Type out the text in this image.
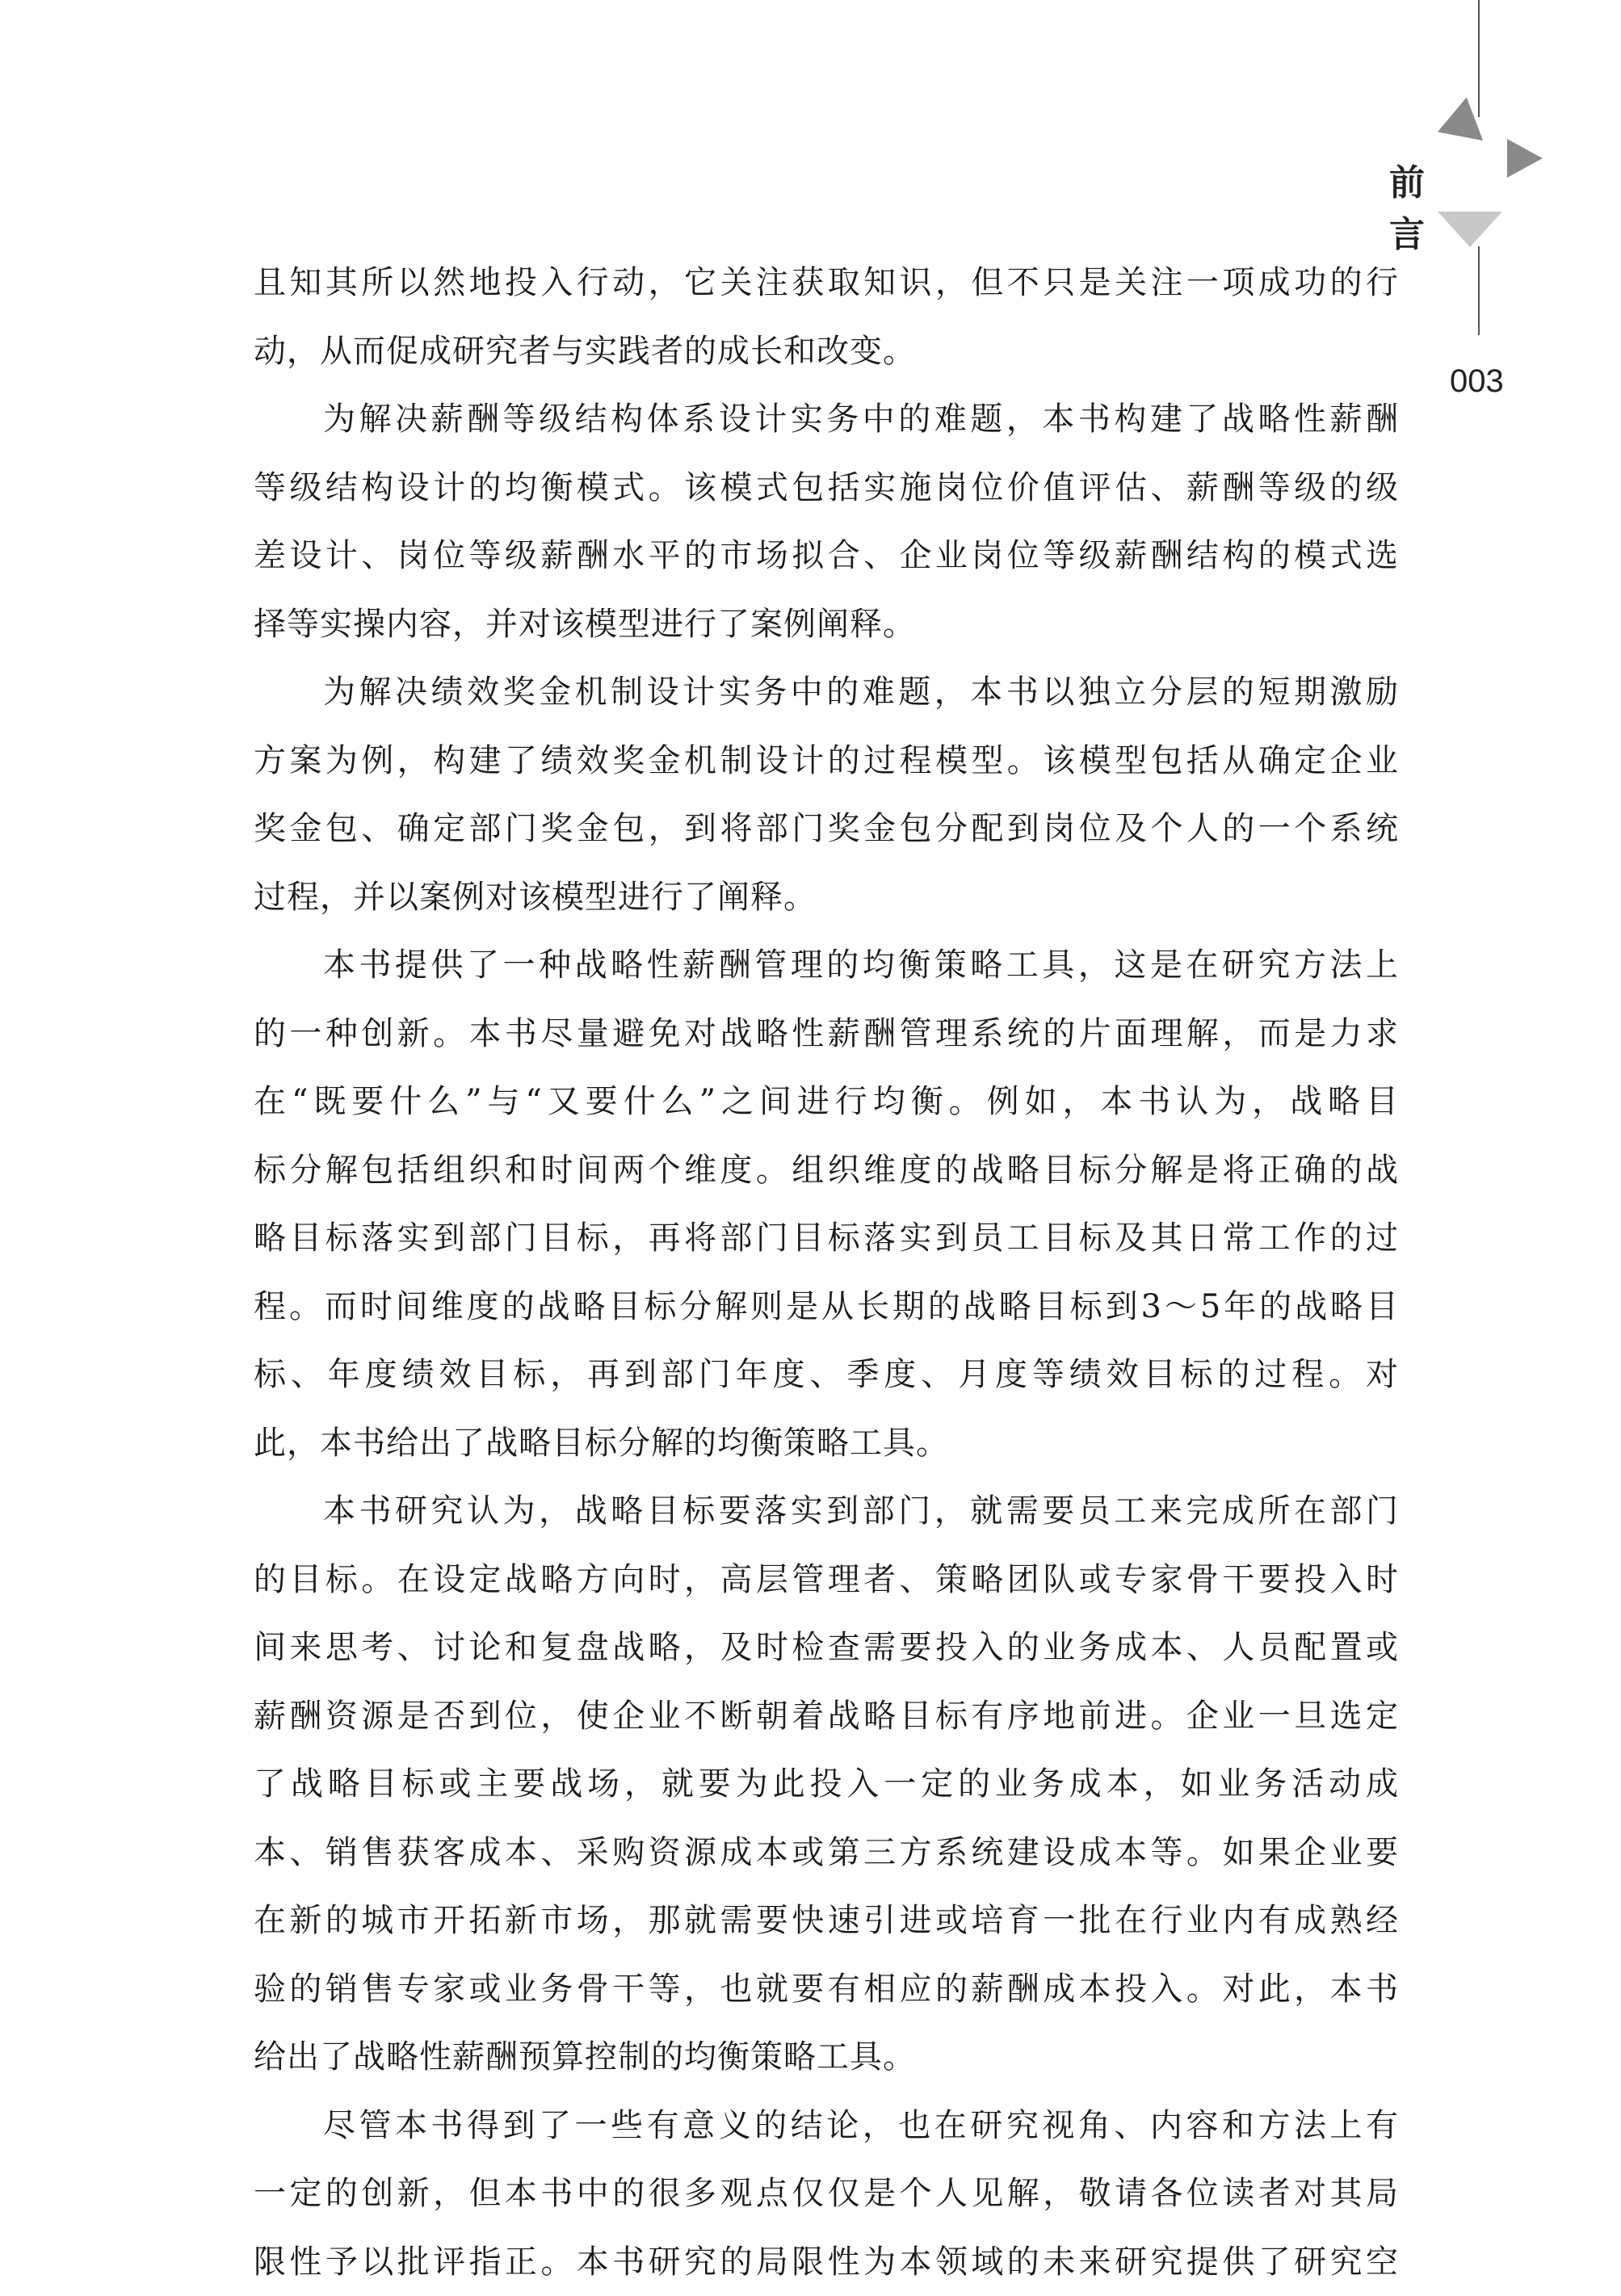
前 言
003
且知其所以然地投入行动，它关注获取知识，但不只是关注一项成功的行
动，从而促成研究者与实践者的成长和改变。
为解决薪酬等级结构体系设计实务中的难题，本书构建了战略性薪酬
等级结构设计的均衡模式。该模式包括实施岗位价值评估、薪酬等级的级
差设计、岗位等级薪酬水平的市场拟合、企业岗位等级薪酬结构的模式选
择等实操内容，并对该模型进行了案例阐释。
为解决绩效奖金机制设计实务中的难题，本书以独立分层的短期激励
方案为例，构建了绩效奖金机制设计的过程模型。该模型包括从确定企业
奖金包、确定部门奖金包，到将部门奖金包分配到岗位及个人的一个系统
过程，并以案例对该模型进行了阐释。
本书提供了一种战略性薪酬管理的均衡策略工具，这是在研究方法上
的一种创新。本书尽量避免对战略性薪酬管理系统的片面理解，而是力求
在“既要什么”与“又要什么”之间进行均衡。例如，本书认为，战略目
标分解包括组织和时间两个维度。组织维度的战略目标分解是将正确的战
略目标落实到部门目标，再将部门目标落实到员工目标及其日常工作的过
程。而时间维度的战略目标分解则是从长期的战略目标到3～5年的战略目
标、年度绩效目标，再到部门年度、季度、月度等绩效目标的过程。对
此，本书给出了战略目标分解的均衡策略工具。
本书研究认为，战略目标要落实到部门，就需要员工来完成所在部门
的目标。在设定战略方向时，高层管理者、策略团队或专家骨干要投入时
间来思考、讨论和复盘战略，及时检查需要投入的业务成本、人员配置或
薪酬资源是否到位，使企业不断朝着战略目标有序地前进。企业一旦选定
了战略目标或主要战场，就要为此投入一定的业务成本，如业务活动成
本、销售获客成本、采购资源成本或第三方系统建设成本等。如果企业要
在新的城市开拓新市场，那就需要快速引进或培育一批在行业内有成熟经
验的销售专家或业务骨干等，也就要有相应的薪酬成本投入。对此，本书
给出了战略性薪酬预算控制的均衡策略工具。
尽管本书得到了一些有意义的结论，也在研究视角、内容和方法上有
一定的创新，但本书中的很多观点仅仅是个人见解，敬请各位读者对其局
限性予以批评指正。本书研究的局限性为本领域的未来研究提供了研究空
